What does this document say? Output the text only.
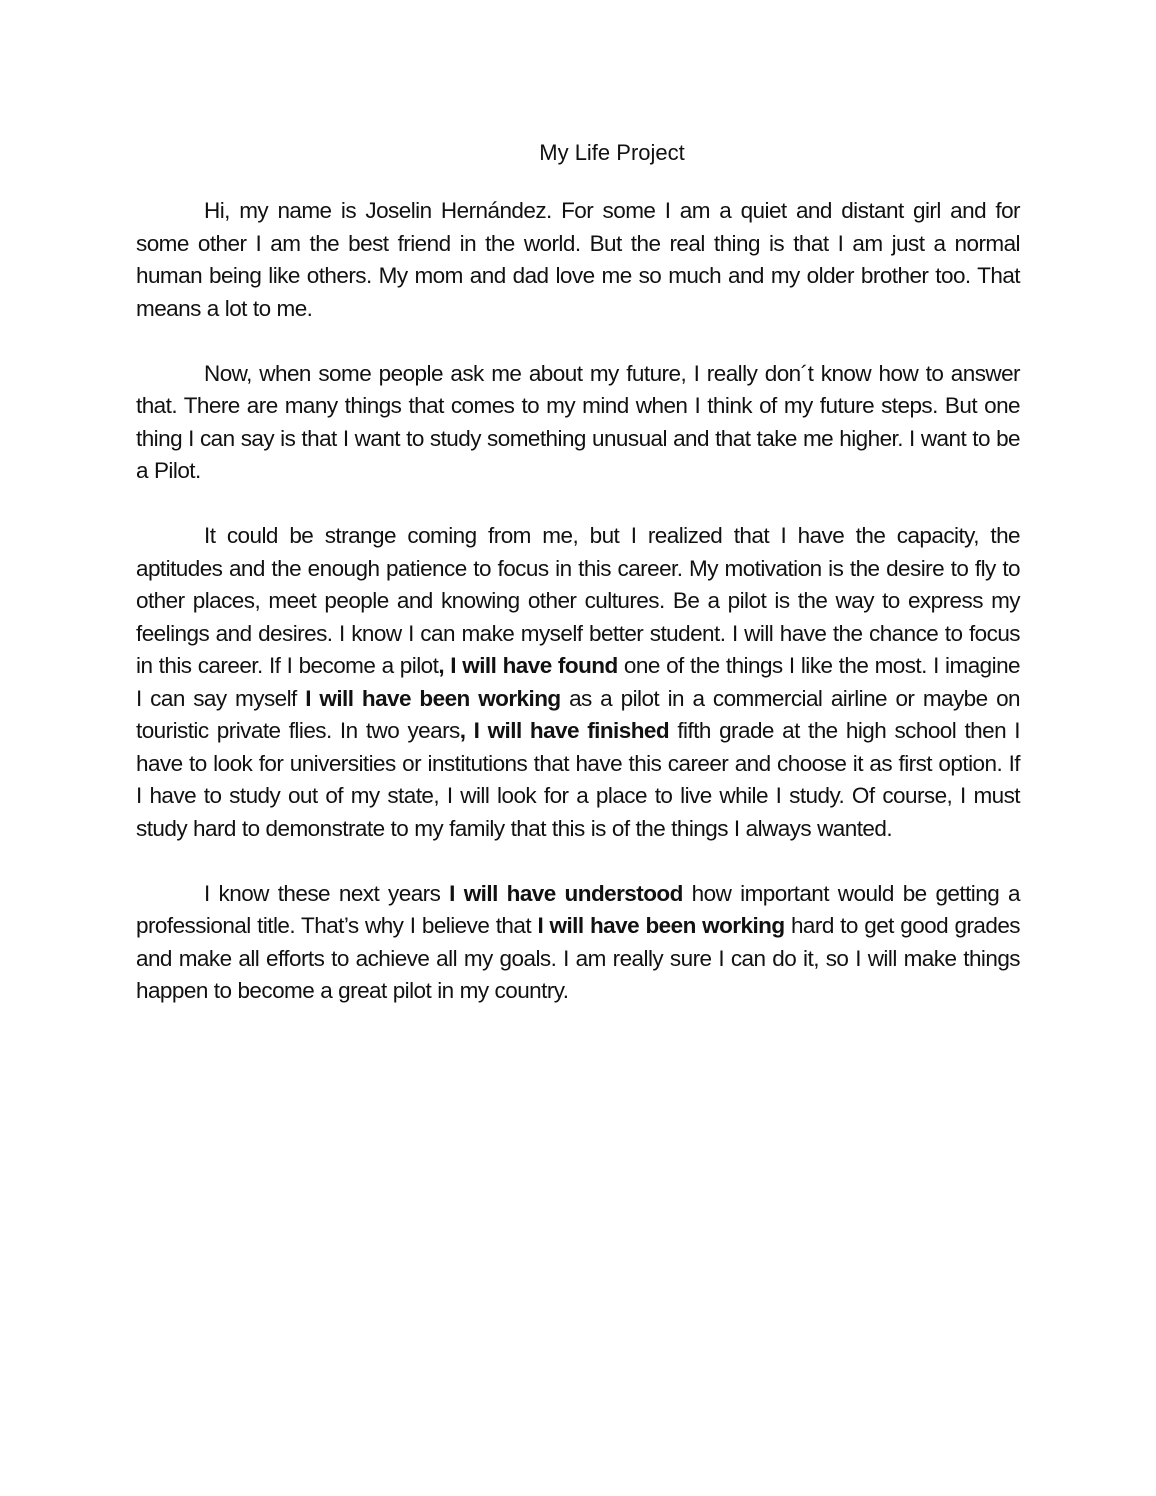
My Life Project

Hi, my name is Joselin Hernández. For some I am a quiet and distant girl and for some other I am the best friend in the world. But the real thing is that I am just a normal human being like others. My mom and dad love me so much and my older brother too. That means a lot to me.

Now, when some people ask me about my future, I really don´t know how to answer that. There are many things that comes to my mind when I think of my future steps. But one thing I can say is that I want to study something unusual and that take me higher. I want to be a Pilot.

It could be strange coming from me, but I realized that I have the capacity, the aptitudes and the enough patience to focus in this career. My motivation is the desire to fly to other places, meet people and knowing other cultures. Be a pilot is the way to express my feelings and desires. I know I can make myself better student. I will have the chance to focus in this career. If I become a pilot, I will have found one of the things I like the most. I imagine I can say myself I will have been working as a pilot in a commercial airline or maybe on touristic private flies. In two years, I will have finished fifth grade at the high school then I have to look for universities or institutions that have this career and choose it as first option. If I have to study out of my state, I will look for a place to live while I study. Of course, I must study hard to demonstrate to my family that this is of the things I always wanted.

I know these next years I will have understood how important would be getting a professional title. That’s why I believe that I will have been working hard to get good grades and make all efforts to achieve all my goals. I am really sure I can do it, so I will make things happen to become a great pilot in my country.
